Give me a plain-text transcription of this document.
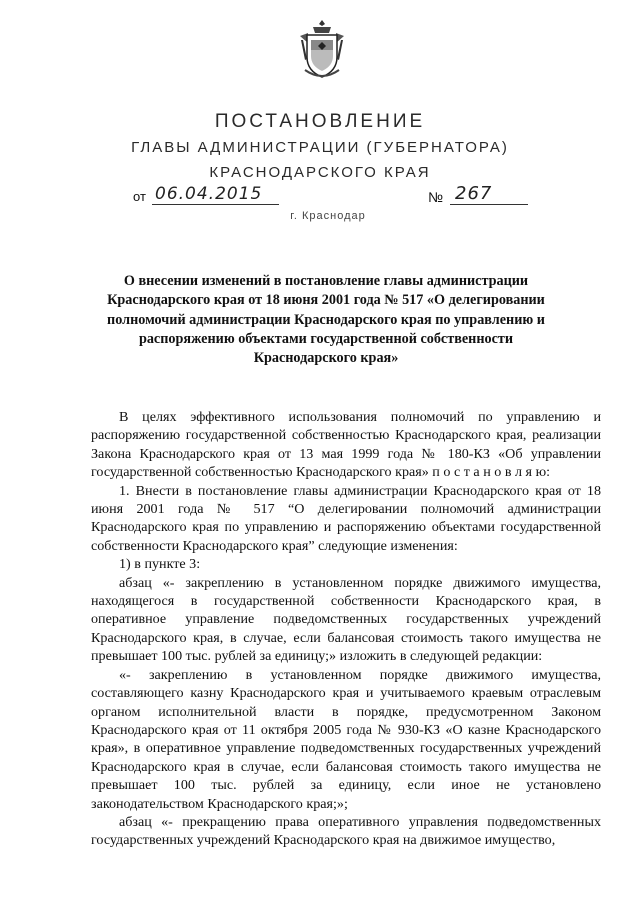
ПОСТАНОВЛЕНИЕ
ГЛАВЫ АДМИНИСТРАЦИИ (ГУБЕРНАТОРА)
КРАСНОДАРСКОГО КРАЯ
от 06.04.2015	№ 267
г. Краснодар
О внесении изменений в постановление главы администрации Краснодарского края от 18 июня 2001 года № 517 «О делегировании полномочий администрации Краснодарского края по управлению и распоряжению объектами государственной собственности Краснодарского края»

В целях эффективного использования полномочий по управлению и распоряжению государственной собственностью Краснодарского края, реализации Закона Краснодарского края от 13 мая 1999 года № 180-КЗ «Об управлении государственной собственностью Краснодарского края» п о с т а н о в л я ю:

1. Внести в постановление главы администрации Краснодарского края от 18 июня 2001 года № 517 “О делегировании полномочий администрации Краснодарского края по управлению и распоряжению объектами государственной собственности Краснодарского края” следующие изменения:

1) в пункте 3:

абзац «- закреплению в установленном порядке движимого имущества, находящегося в государственной собственности Краснодарского края, в оперативное управление подведомственных государственных учреждений Краснодарского края, в случае, если балансовая стоимость такого имущества не превышает 100 тыс. рублей за единицу;» изложить в следующей редакции:

«- закреплению в установленном порядке движимого имущества, составляющего казну Краснодарского края и учитываемого краевым отраслевым органом исполнительной власти в порядке, предусмотренном Законом Краснодарского края от 11 октября 2005 года № 930-КЗ «О казне Краснодарского края», в оперативное управление подведомственных государственных учреждений Краснодарского края в случае, если балансовая стоимость такого имущества не превышает 100 тыс. рублей за единицу, если иное не установлено законодательством Краснодарского края;»;

абзац «- прекращению права оперативного управления подведомственных государственных учреждений Краснодарского края на движимое имущество,
